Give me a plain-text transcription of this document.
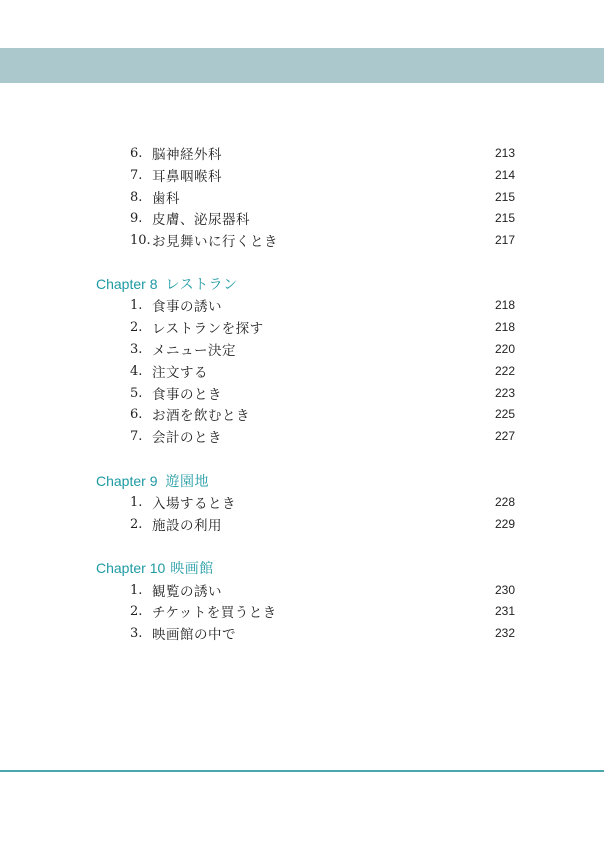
6. 脳神経外科	213
7. 耳鼻咽喉科	214
8. 歯科	215
9. 皮膚、泌尿器科	215
10. お見舞いに行くとき	217
Chapter 8 レストラン
1. 食事の誘い	218
2. レストランを探す	218
3. メニュー決定	220
4. 注文する	222
5. 食事のとき	223
6. お酒を飲むとき	225
7. 会計のとき	227
Chapter 9 遊園地
1. 入場するとき	228
2. 施設の利用	229
Chapter 10 映画館
1. 観覧の誘い	230
2. チケットを買うとき	231
3. 映画館の中で	232
